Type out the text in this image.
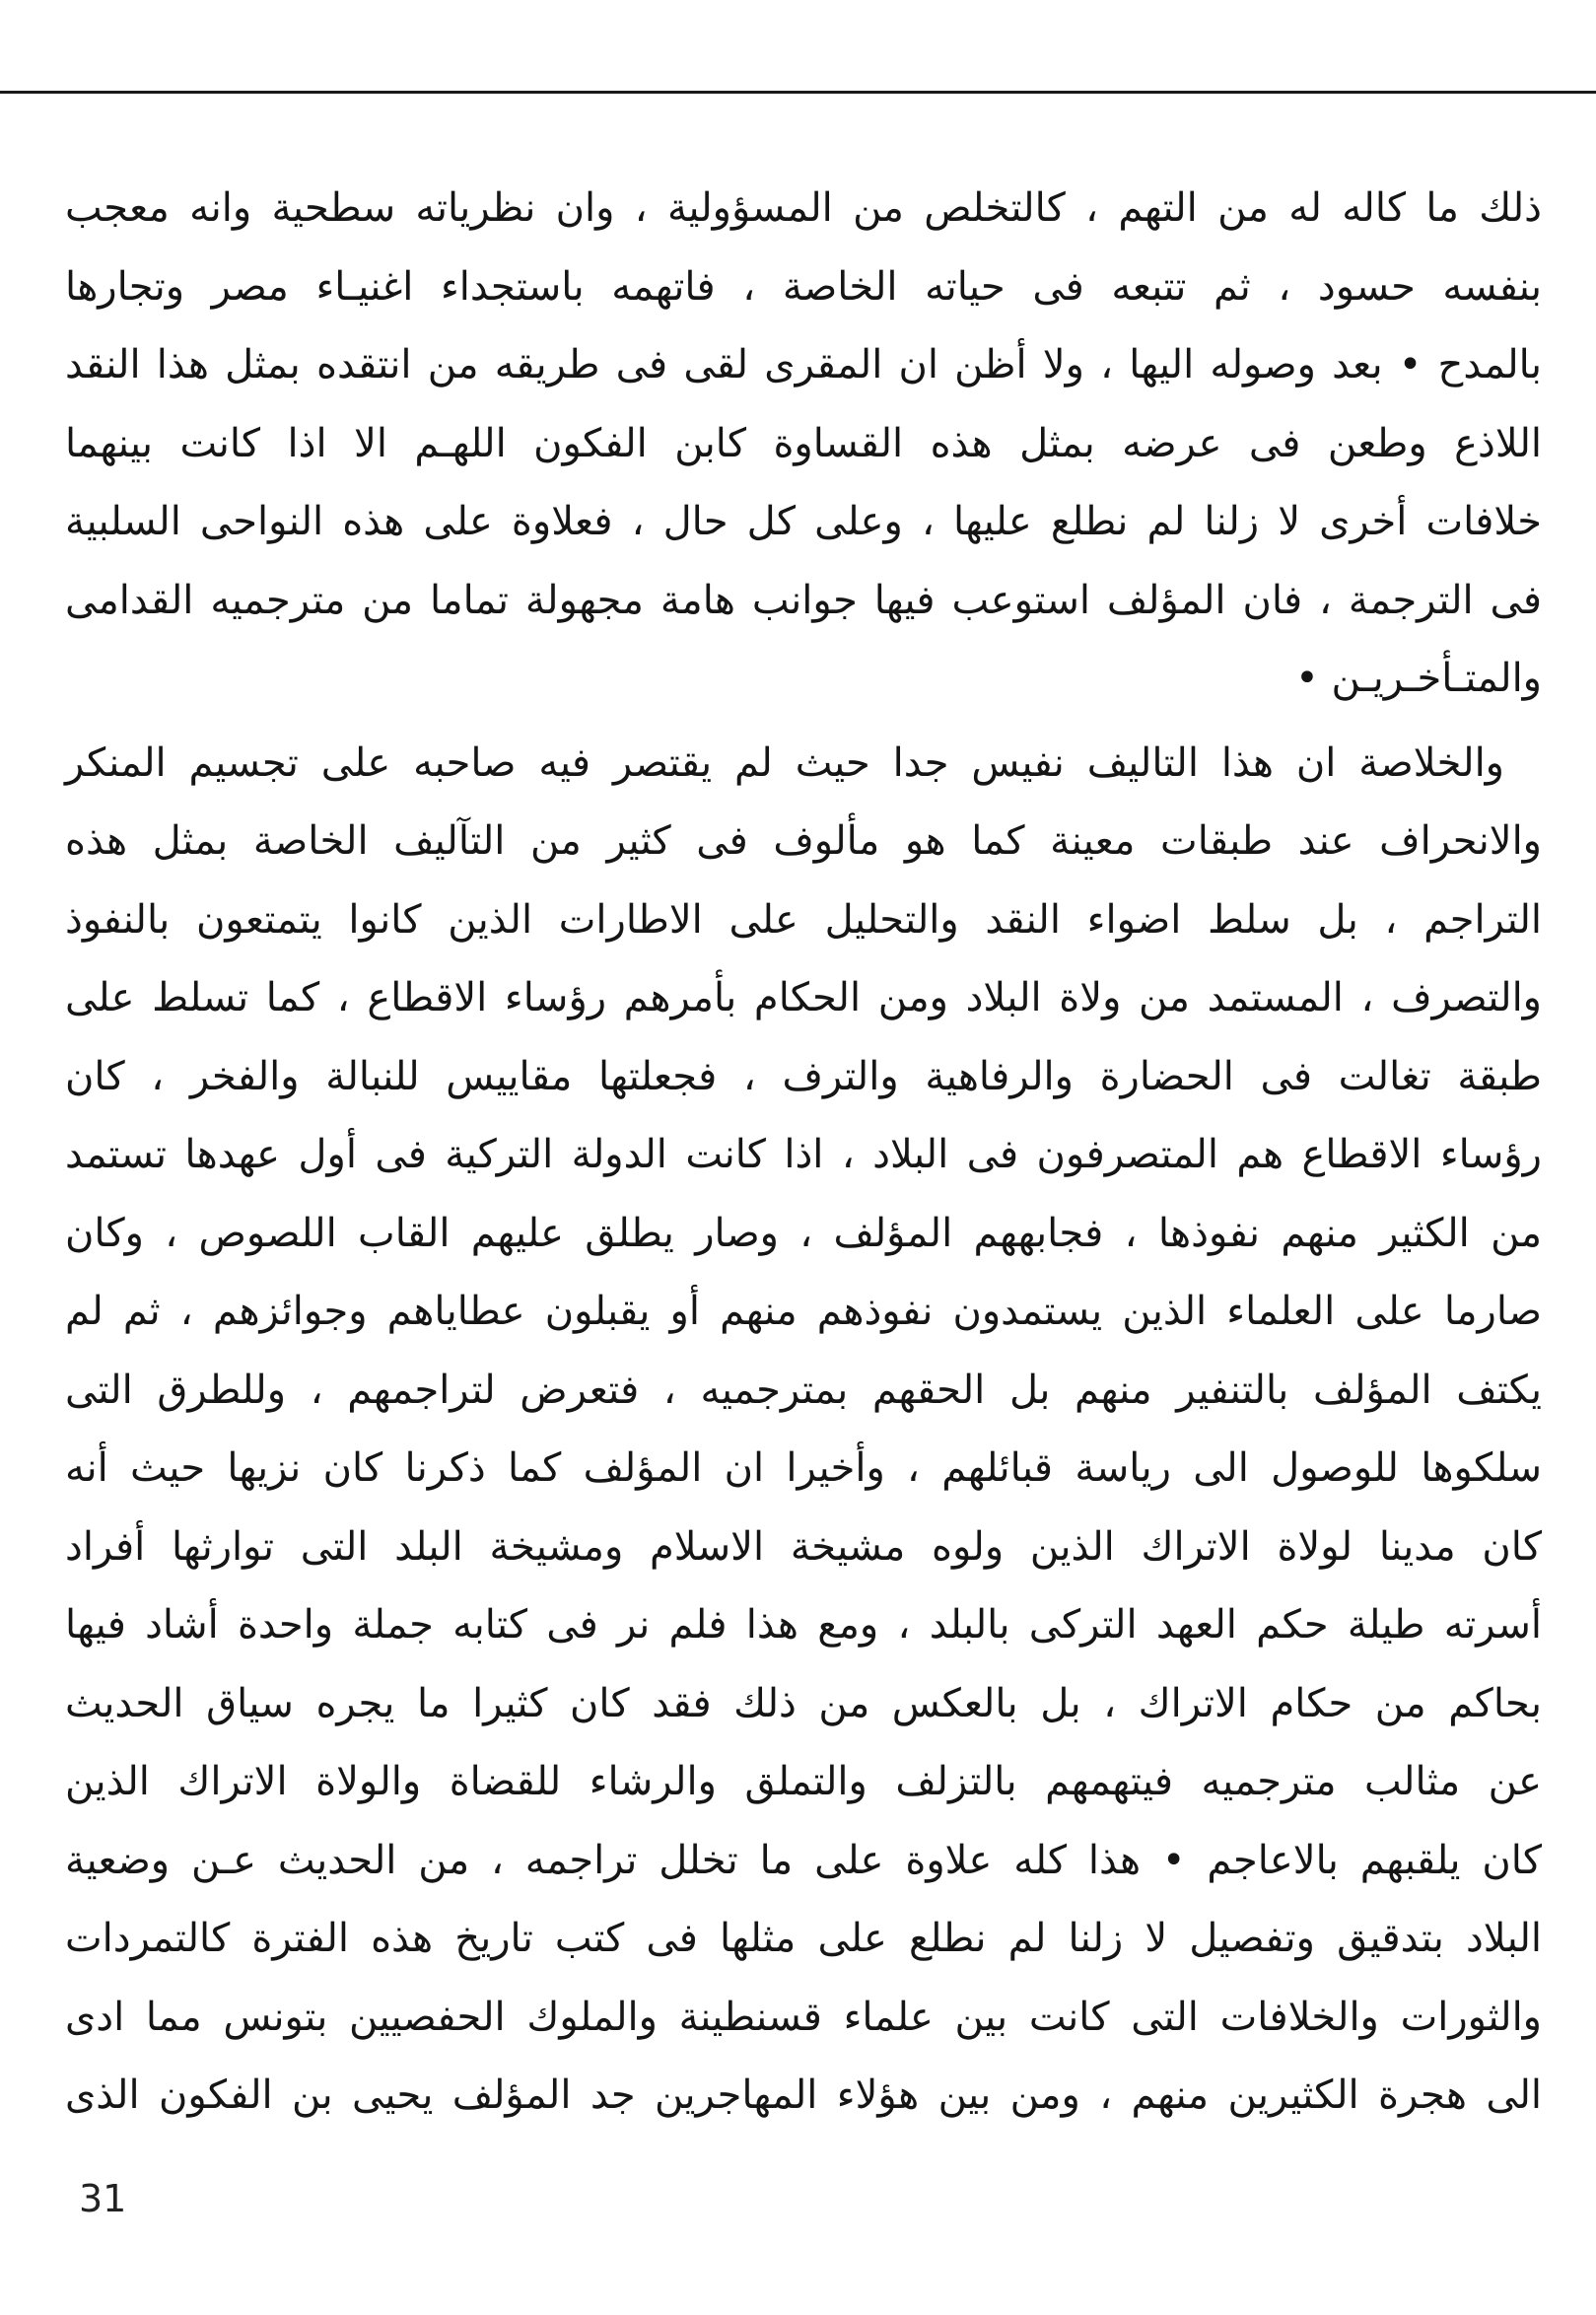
ذلك ما كاله له من التهم ، كالتخلص من المسؤولية ، وان نظرياته سطحية وانه معجب
بنفسه حسود ، ثم تتبعه فى حياته الخاصة ، فاتهمه باستجداء اغنيـاء مصر وتجارها
بالمدح • بعد وصوله اليها ، ولا أظن ان المقرى لقى فى طريقه من انتقده بمثل هذا النقد
اللاذع وطعن فى عرضه بمثل هذه القساوة كابن الفكون اللهـم الا اذا كانت بينهما
خلافات أخرى لا زلنا لم نطلع عليها ، وعلى كل حال ، فعلاوة على هذه النواحى السلبية
فى الترجمة ، فان المؤلف استوعب فيها جوانب هامة مجهولة تماما من مترجميه القدامى
والمتـأخـريـن •
والخلاصة ان هذا التاليف نفيس جدا حيث لم يقتصر فيه صاحبه على تجسيم المنكر
والانحراف عند طبقات معينة كما هو مألوف فى كثير من التآليف الخاصة بمثل هذه
التراجم ، بل سلط اضواء النقد والتحليل على الاطارات الذين كانوا يتمتعون بالنفوذ
والتصرف ، المستمد من ولاة البلاد ومن الحكام بأمرهم رؤساء الاقطاع ، كما تسلط على
طبقة تغالت فى الحضارة والرفاهية والترف ، فجعلتها مقاييس للنبالة والفخر ، كان
رؤساء الاقطاع هم المتصرفون فى البلاد ، اذا كانت الدولة التركية فى أول عهدها تستمد
من الكثير منهم نفوذها ، فجابههم المؤلف ، وصار يطلق عليهم القاب اللصوص ، وكان
صارما على العلماء الذين يستمدون نفوذهم منهم أو يقبلون عطاياهم وجوائزهم ، ثم لم
يكتف المؤلف بالتنفير منهم بل الحقهم بمترجميه ، فتعرض لتراجمهم ، وللطرق التى
سلكوها للوصول الى رياسة قبائلهم ، وأخيرا ان المؤلف كما ذكرنا كان نزيها حيث أنه
كان مدينا لولاة الاتراك الذين ولوه مشيخة الاسلام ومشيخة البلد التى توارثها أفراد
أسرته طيلة حكم العهد التركى بالبلد ، ومع هذا فلم نر فى كتابه جملة واحدة أشاد فيها
بحاكم من حكام الاتراك ، بل بالعكس من ذلك فقد كان كثيرا ما يجره سياق الحديث
عن مثالب مترجميه فيتهمهم بالتزلف والتملق والرشاء للقضاة والولاة الاتراك الذين
كان يلقبهم بالاعاجم • هذا كله علاوة على ما تخلل تراجمه ، من الحديث عـن وضعية
البلاد بتدقيق وتفصيل لا زلنا لم نطلع على مثلها فى كتب تاريخ هذه الفترة كالتمردات
والثورات والخلافات التى كانت بين علماء قسنطينة والملوك الحفصيين بتونس مما ادى
الى هجرة الكثيرين منهم ، ومن بين هؤلاء المهاجرين جد المؤلف يحيى بن الفكون الذى
31
